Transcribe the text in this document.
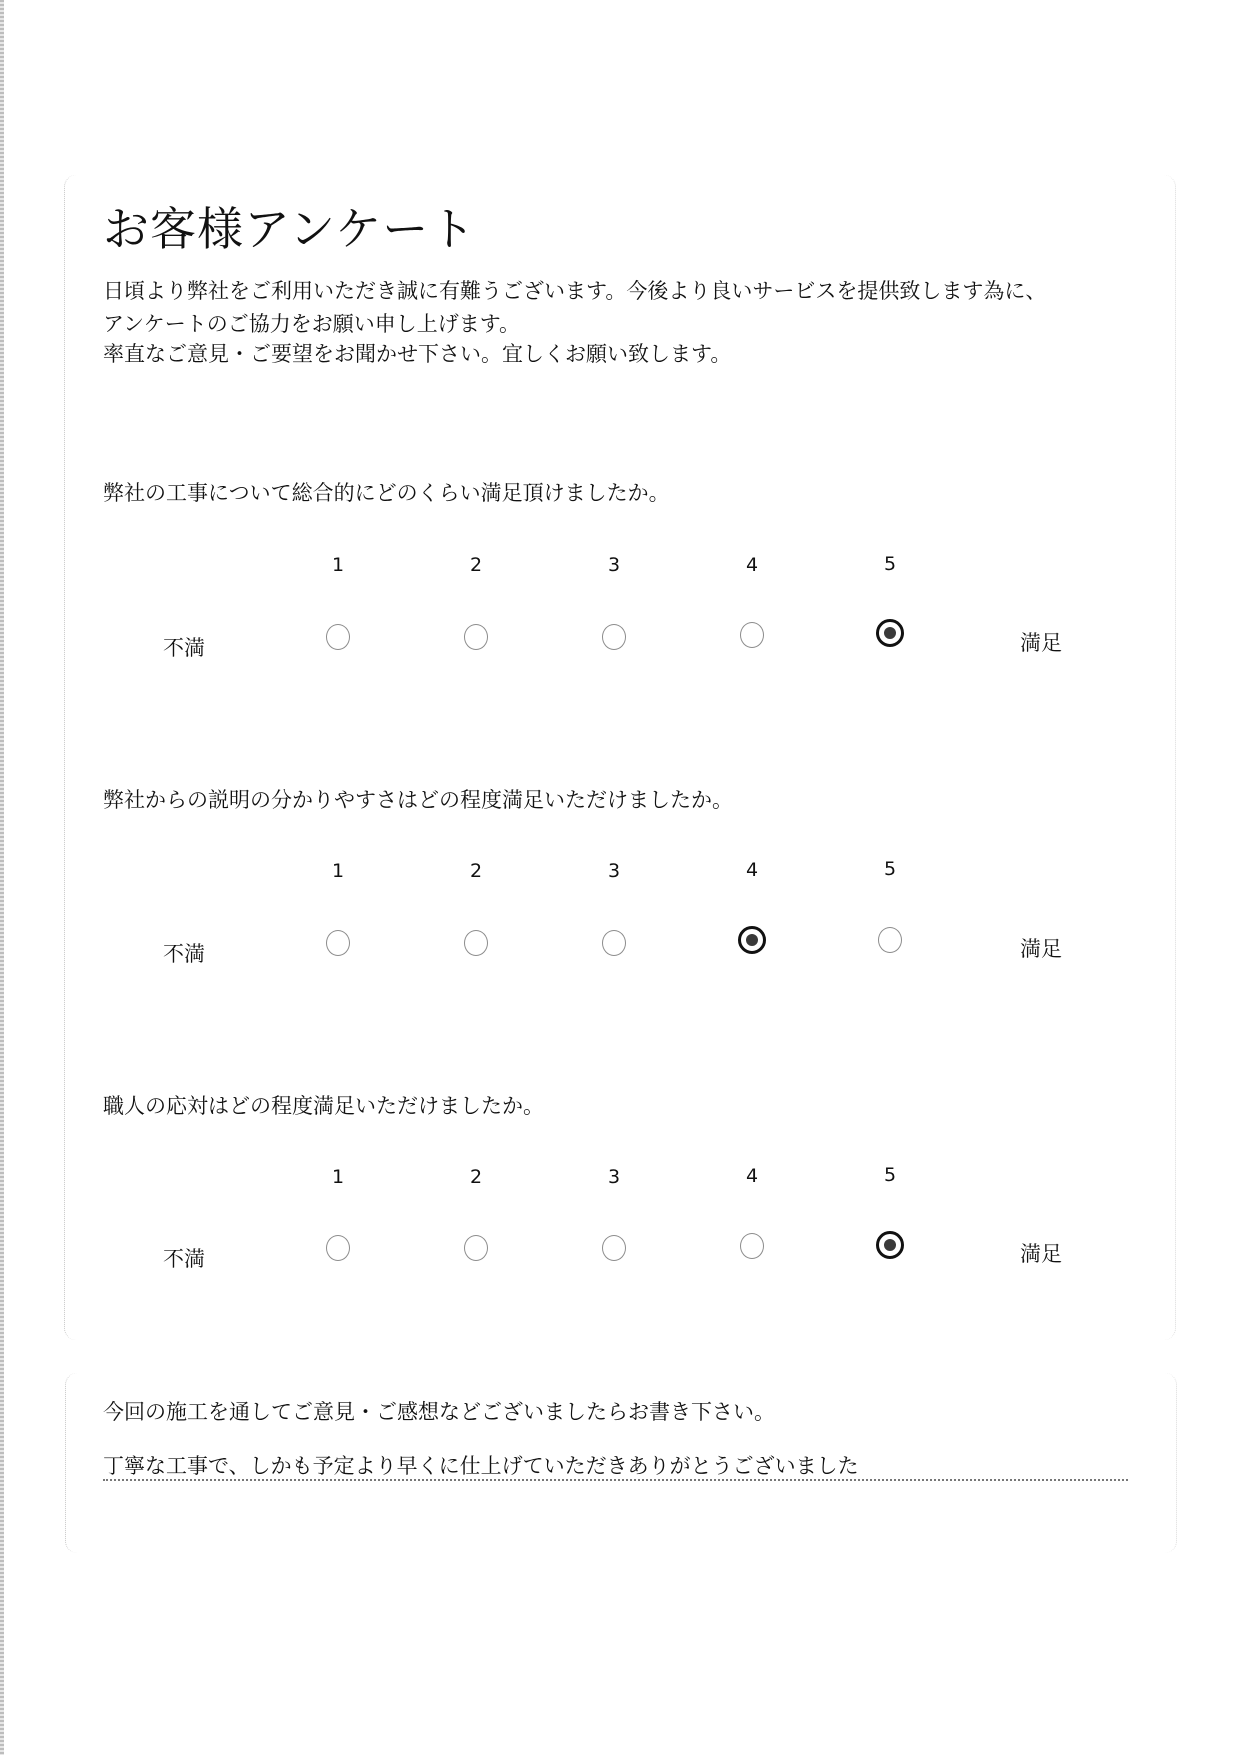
お客様アンケート
日頃より弊社をご利用いただき誠に有難うございます。今後より良いサービスを提供致します為に、
アンケートのご協力をお願い申し上げます。
率直なご意見・ご要望をお聞かせ下さい。宜しくお願い致します。
弊社の工事について総合的にどのくらい満足頂けましたか。
1	2	3	4	5
不満	満足
弊社からの説明の分かりやすさはどの程度満足いただけましたか。
1	2	3	4	5
不満	満足
職人の応対はどの程度満足いただけましたか。
1	2	3	4	5
不満	満足
今回の施工を通してご意見・ご感想などございましたらお書き下さい。
丁寧な工事で、しかも予定より早くに仕上げていただきありがとうございました
